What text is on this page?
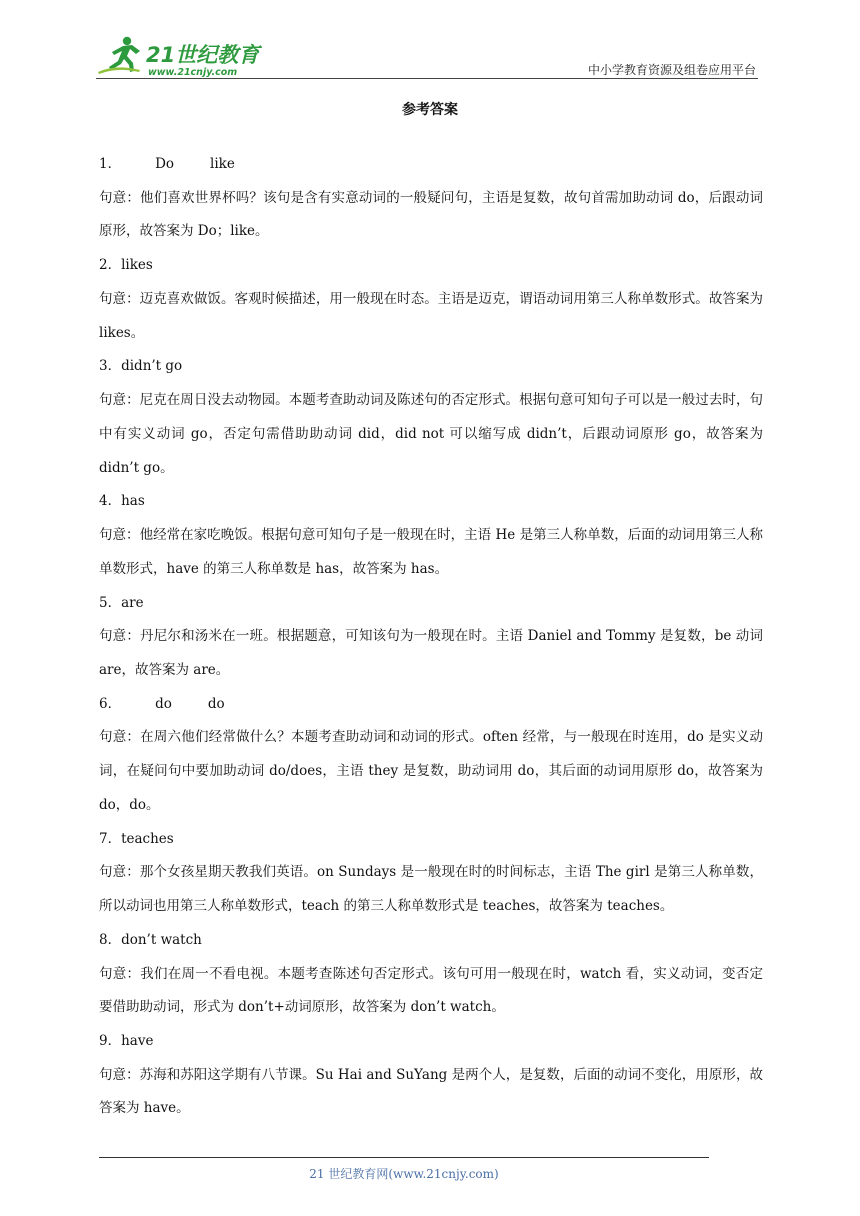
21世纪教育
www.21cnjy.com	中小学教育资源及组卷应用平台
参考答案
1．	Do	like
句意：他们喜欢世界杯吗？该句是含有实意动词的一般疑问句，主语是复数，故句首需加助动词 do，后跟动词原形，故答案为 Do；like。
2．likes
句意：迈克喜欢做饭。客观时候描述，用一般现在时态。主语是迈克，谓语动词用第三人称单数形式。故答案为 likes。
3．didn’t go
句意：尼克在周日没去动物园。本题考查助动词及陈述句的否定形式。根据句意可知句子可以是一般过去时，句中有实义动词 go，否定句需借助助动词 did，did not 可以缩写成 didn’t，后跟动词原形 go，故答案为 didn’t go。
4．has
句意：他经常在家吃晚饭。根据句意可知句子是一般现在时，主语 He 是第三人称单数，后面的动词用第三人称单数形式，have 的第三人称单数是 has，故答案为 has。
5．are
句意：丹尼尔和汤米在一班。根据题意，可知该句为一般现在时。主语 Daniel and Tommy 是复数，be 动词 are，故答案为 are。
6．	do	do
句意：在周六他们经常做什么？本题考查助动词和动词的形式。often 经常，与一般现在时连用，do 是实义动词，在疑问句中要加助动词 do/does，主语 they 是复数，助动词用 do，其后面的动词用原形 do，故答案为 do，do。
7．teaches
句意：那个女孩星期天教我们英语。on Sundays 是一般现在时的时间标志，主语 The girl 是第三人称单数，所以动词也用第三人称单数形式，teach 的第三人称单数形式是 teaches，故答案为 teaches。
8．don’t watch
句意：我们在周一不看电视。本题考查陈述句否定形式。该句可用一般现在时，watch 看，实义动词，变否定要借助助动词，形式为 don’t+动词原形，故答案为 don’t watch。
9．have
句意：苏海和苏阳这学期有八节课。Su Hai and SuYang 是两个人，是复数，后面的动词不变化，用原形，故答案为 have。
21 世纪教育网(www.21cnjy.com)
